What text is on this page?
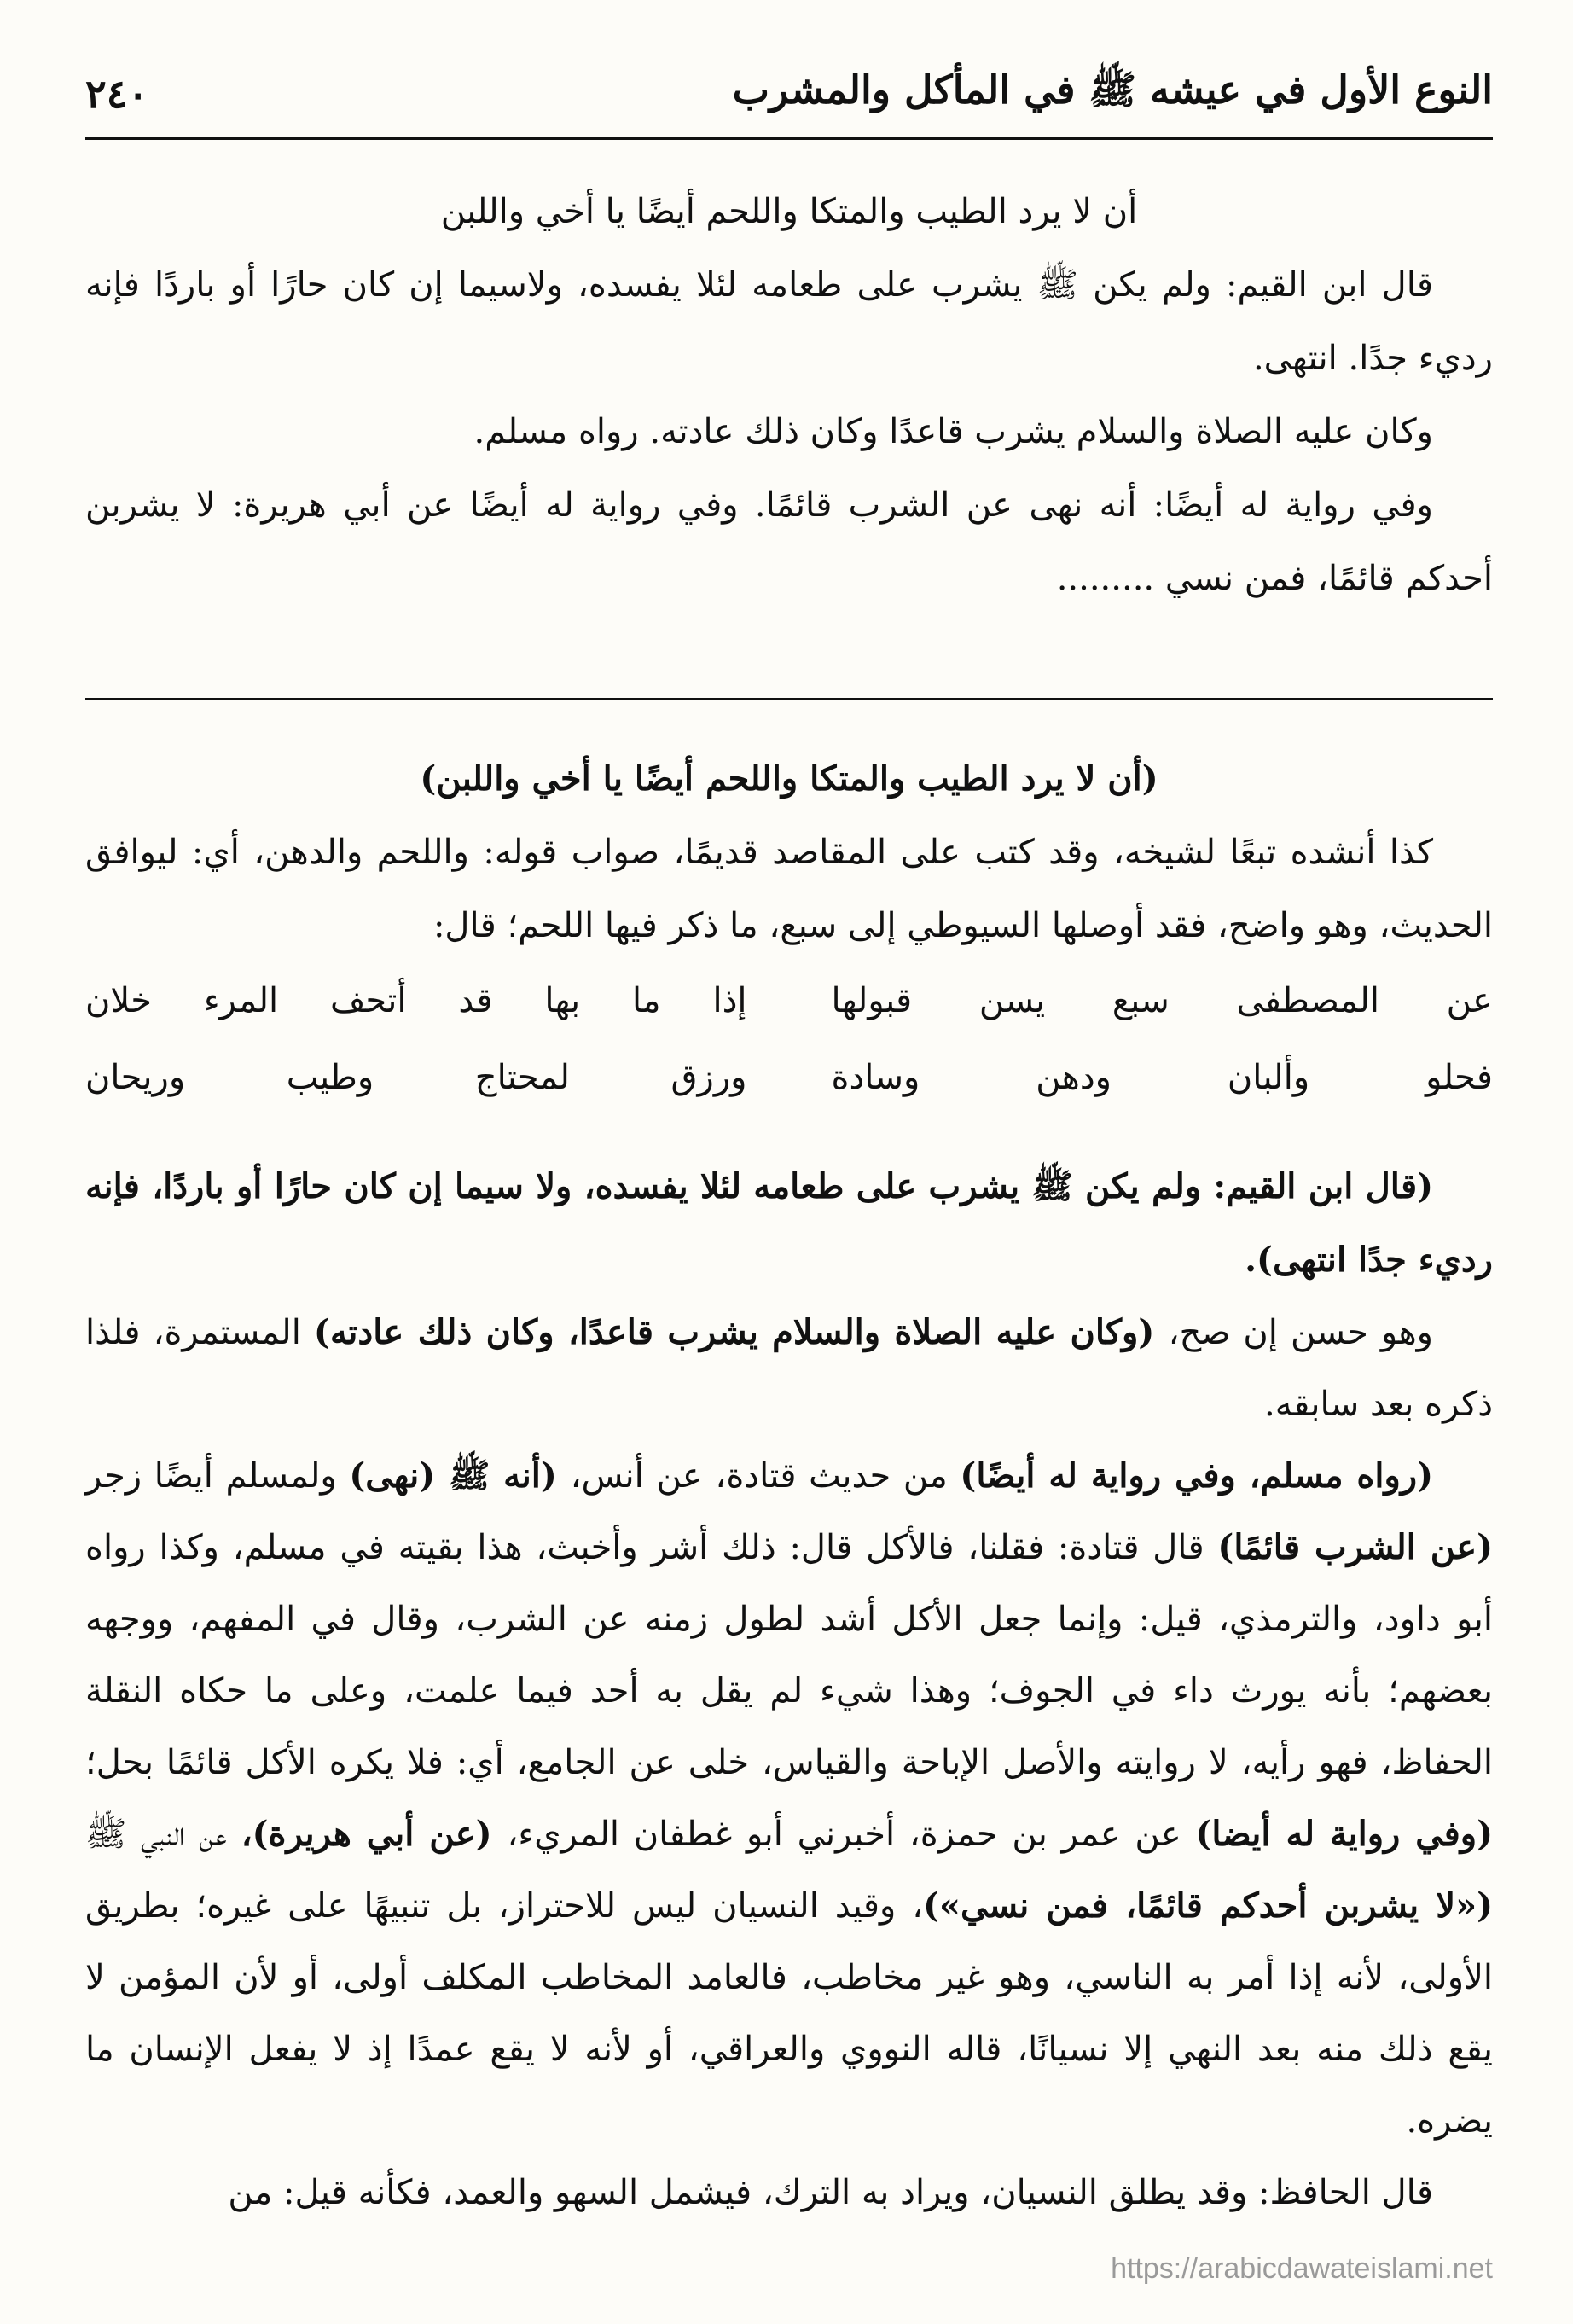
النوع الأول في عيشه ﷺ في المأكل والمشرب
٢٤٠

أن لا يرد الطيب والمتكا واللحم أيضًا يا أخي واللبن

قال ابن القيم: ولم يكن ﷺ يشرب على طعامه لئلا يفسده، ولاسيما إن كان حارًا أو باردًا فإنه رديء جدًا. انتهى.

وكان عليه الصلاة والسلام يشرب قاعدًا وكان ذلك عادته. رواه مسلم.

وفي رواية له أيضًا: أنه نهى عن الشرب قائمًا. وفي رواية له أيضًا عن أبي هريرة: لا يشربن أحدكم قائمًا، فمن نسي .........

(أن لا يرد الطيب والمتكا واللحم أيضًا يا أخي واللبن)

كذا أنشده تبعًا لشيخه، وقد كتب على المقاصد قديمًا، صواب قوله: واللحم والدهن، أي: ليوافق الحديث، وهو واضح، فقد أوصلها السيوطي إلى سبع، ما ذكر فيها اللحم؛ قال:

عن المصطفى سبع يسن قبولها
إذا ما بها قد أتحف المرء خلان
فحلو وألبان ودهن وسادة
ورزق لمحتاج وطيب وريحان

(قال ابن القيم: ولم يكن ﷺ يشرب على طعامه لئلا يفسده، ولا سيما إن كان حارًا أو باردًا، فإنه رديء جدًا انتهى).

وهو حسن إن صح، (وكان عليه الصلاة والسلام يشرب قاعدًا، وكان ذلك عادته) المستمرة، فلذا ذكره بعد سابقه.

(رواه مسلم، وفي رواية له أيضًا) من حديث قتادة، عن أنس، (أنه ﷺ (نهى) ولمسلم أيضًا زجر (عن الشرب قائمًا) قال قتادة: فقلنا، فالأكل قال: ذلك أشر وأخبث، هذا بقيته في مسلم، وكذا رواه أبو داود، والترمذي، قيل: وإنما جعل الأكل أشد لطول زمنه عن الشرب، وقال في المفهم، ووجهه بعضهم؛ بأنه يورث داء في الجوف؛ وهذا شيء لم يقل به أحد فيما علمت، وعلى ما حكاه النقلة الحفاظ، فهو رأيه، لا روايته والأصل الإباحة والقياس، خلى عن الجامع، أي: فلا يكره الأكل قائمًا بحل؛ (وفي رواية له أيضا) عن عمر بن حمزة، أخبرني أبو غطفان المريء، (عن أبي هريرة)، عن النبي ﷺ («لا يشربن أحدكم قائمًا، فمن نسي»)، وقيد النسيان ليس للاحتراز، بل تنبيهًا على غيره؛ بطريق الأولى، لأنه إذا أمر به الناسي، وهو غير مخاطب، فالعامد المخاطب المكلف أولى، أو لأن المؤمن لا يقع ذلك منه بعد النهي إلا نسيانًا، قاله النووي والعراقي، أو لأنه لا يقع عمدًا إذ لا يفعل الإنسان ما يضره.

قال الحافظ: وقد يطلق النسيان، ويراد به الترك، فيشمل السهو والعمد، فكأنه قيل: من

https://arabicdawateislami.net
